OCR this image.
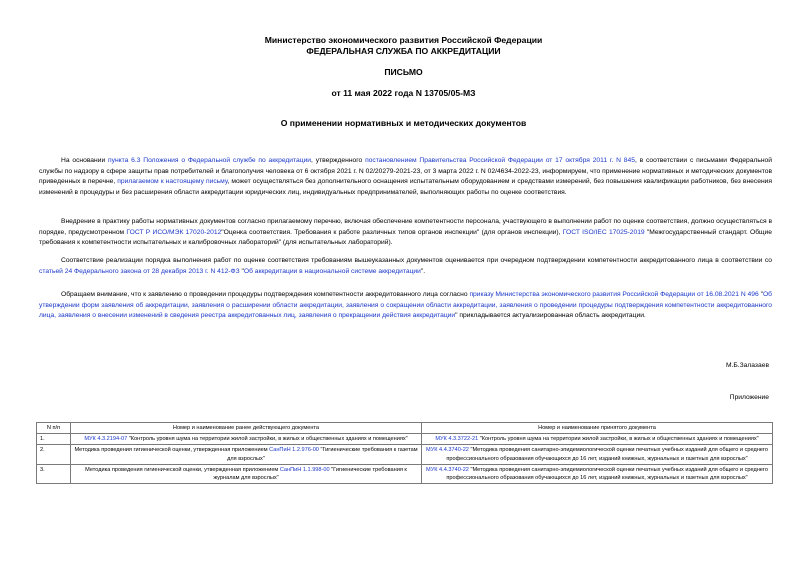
Министерство экономического развития Российской Федерации
ФЕДЕРАЛЬНАЯ СЛУЖБА ПО АККРЕДИТАЦИИ
ПИСЬМО
от 11 мая 2022 года N 13705/05-МЗ
О применении нормативных и методических документов
На основании пункта 6.3 Положения о Федеральной службе по аккредитации, утвержденного постановлением Правительства Российской Федерации от 17 октября 2011 г. N 845, в соответствии с письмами Федеральной службы по надзору в сфере защиты прав потребителей и благополучия человека от 6 октября 2021 г. N 02/20279-2021-23, от 3 марта 2022 г. N 02/4634-2022-23, информируем, что применение нормативных и методических документов приведенных в перечне, прилагаемом к настоящему письму, может осуществляться без дополнительного оснащения испытательным оборудованием и средствами измерений, без повышения квалификации работников, без внесения изменений в процедуры и без расширения области аккредитации юридических лиц, индивидуальных предпринимателей, выполняющих работы по оценке соответствия.
Внедрение в практику работы нормативных документов согласно прилагаемому перечню, включая обеспечение компетентности персонала, участвующего в выполнении работ по оценке соответствия, должно осуществляться в порядке, предусмотренном ГОСТ Р ИСО/МЭК 17020-2012"Оценка соответствия. Требования к работе различных типов органов инспекции" (для органов инспекции), ГОСТ ISO/IEC 17025-2019 "Межгосударственный стандарт. Общие требования к компетентности испытательных и калибровочных лабораторий" (для испытательных лабораторий).
Соответствие реализации порядка выполнения работ по оценке соответствия требованиям вышеуказанных документов оценивается при очередном подтверждении компетентности аккредитованного лица в соответствии со статьей 24 Федерального закона от 28 декабря 2013 г. N 412-ФЗ "Об аккредитации в национальной системе аккредитации".
Обращаем внимание, что к заявлению о проведении процедуры подтверждения компетентности аккредитованного лица согласно приказу Министерства экономического развития Российской Федерации от 16.08.2021 N 496 "Об утверждении форм заявления об аккредитации, заявления о расширении области аккредитации, заявления о сокращении области аккредитации, заявления о проведении процедуры подтверждения компетентности аккредитованного лица, заявления о внесении изменений в сведения реестра аккредитованных лиц, заявления о прекращении действия аккредитации" прикладывается актуализированная область аккредитации.
М.Б.Залазаев
Приложение
N п/п	Номер и наименование ранее действующего документа	Номер и наименование принятого документа
1.	МУК 4.3.2194-07 "Контроль уровня шума на территории жилой застройки, в жилых и общественных зданиях и помещениях"	МУК 4.3.3722-21 "Контроль уровня шума на территории жилой застройки, в жилых и общественных зданиях и помещениях"
2.	Методика проведения гигиенической оценки, утвержденная приложением СанПиН 1.2.976-00 "Гигиенические требования к газетам для взрослых"	МУК 4.4.3740-22 "Методика проведения санитарно-эпидемиологической оценки печатных учебных изданий для общего и среднего профессионального образования обучающихся до 16 лет, изданий книжных, журнальных и газетных для взрослых"
3.	Методика проведения гигиенической оценки, утвержденная приложением СанПиН 1.1.998-00 "Гигиенические требования к журналам для взрослых"	МУК 4.4.3740-22 "Методика проведения санитарно-эпидемиологической оценки печатных учебных изданий для общего и среднего профессионального образования обучающихся до 16 лет, изданий книжных, журнальных и газетных для взрослых"
